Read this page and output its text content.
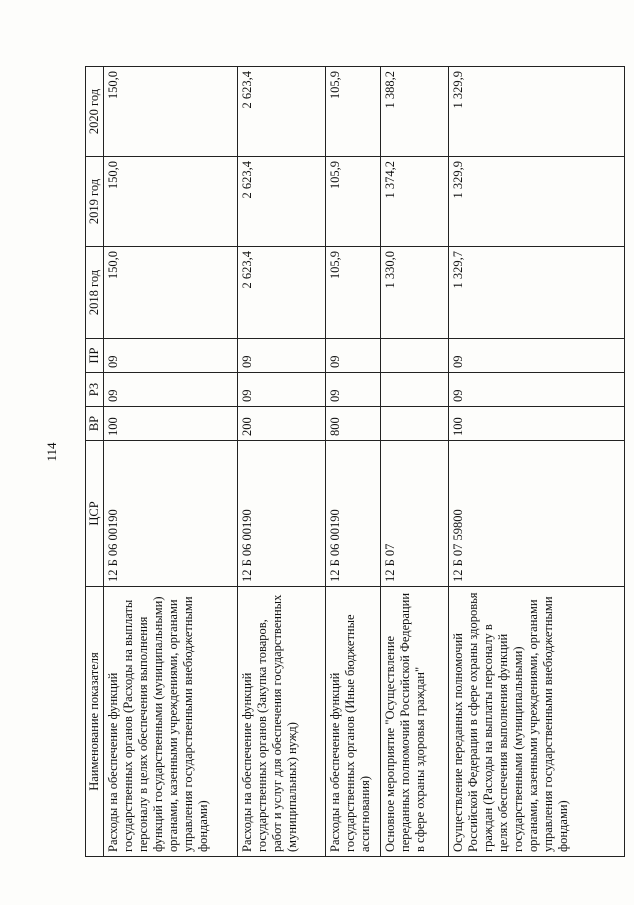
114
Наименование показателя	ЦСР	ВР	РЗ	ПР	2018 год	2019 год	2020 год
Расходы на обеспечение функций государственных органов (Расходы на выплаты персоналу в целях обеспечения выполнения функций государственными (муниципальными) органами, казенными учреждениями, органами управления государственными внебюджетными фондами)	12 Б 06 00190	100	09	09	150,0	150,0	150,0
Расходы на обеспечение функций государственных органов (Закупка товаров, работ и услуг для обеспечения государственных (муниципальных) нужд)	12 Б 06 00190	200	09	09	2 623,4	2 623,4	2 623,4
Расходы на обеспечение функций государственных органов (Иные бюджетные ассигнования)	12 Б 06 00190	800	09	09	105,9	105,9	105,9
Основное мероприятие "Осуществление переданных полномочий Российской Федерации в сфере охраны здоровья граждан"	12 Б 07				1 330,0	1 374,2	1 388,2
Осуществление переданных полномочий Российской Федерации в сфере охраны здоровья граждан (Расходы на выплаты персоналу в целях обеспечения выполнения функций государственными (муниципальными) органами, казенными учреждениями, органами управления государственными внебюджетными фондами)	12 Б 07 59800	100	09	09	1 329,7	1 329,9	1 329,9
